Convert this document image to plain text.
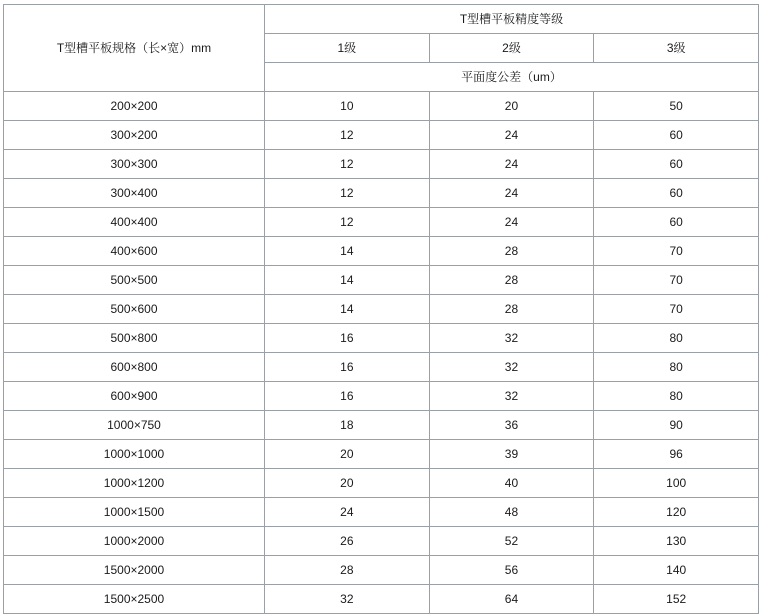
T型槽平板规格（长×宽）mm	T型槽平板精度等级		
	1级	2级	3级
	平面度公差（um）		
200×200	10	20	50
300×200	12	24	60
300×300	12	24	60
300×400	12	24	60
400×400	12	24	60
400×600	14	28	70
500×500	14	28	70
500×600	14	28	70
500×800	16	32	80
600×800	16	32	80
600×900	16	32	80
1000×750	18	36	90
1000×1000	20	39	96
1000×1200	20	40	100
1000×1500	24	48	120
1000×2000	26	52	130
1500×2000	28	56	140
1500×2500	32	64	152
